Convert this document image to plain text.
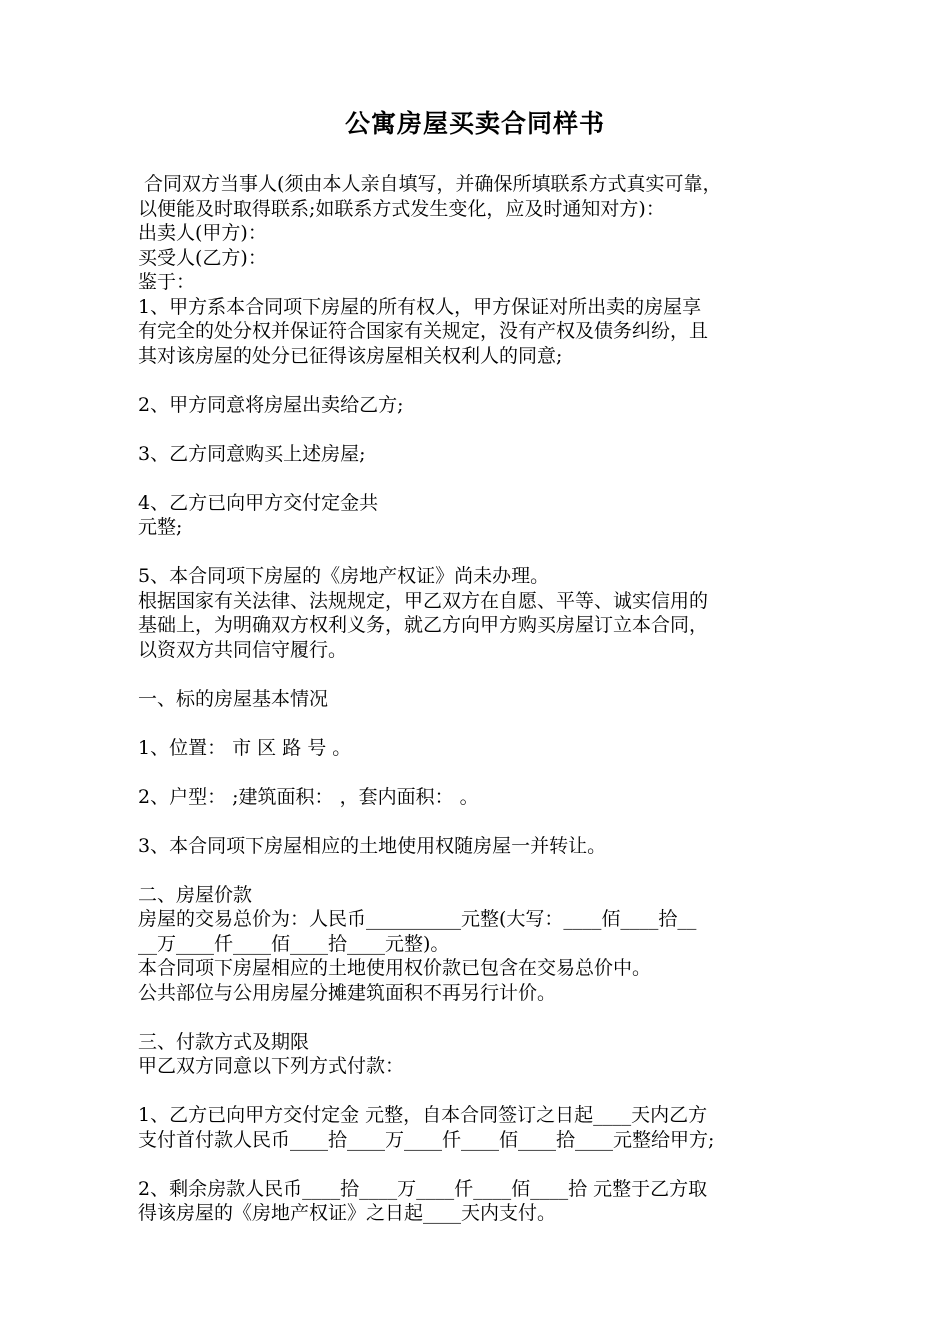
公寓房屋买卖合同样书
合同双方当事人(须由本人亲自填写，并确保所填联系方式真实可靠，
以便能及时取得联系;如联系方式发生变化，应及时通知对方)：
出卖人(甲方)：
买受人(乙方)：
鉴于：
1、甲方系本合同项下房屋的所有权人，甲方保证对所出卖的房屋享
有完全的处分权并保证符合国家有关规定，没有产权及债务纠纷，且
其对该房屋的处分已征得该房屋相关权利人的同意;
2、甲方同意将房屋出卖给乙方;
3、乙方同意购买上述房屋;
4、乙方已向甲方交付定金共
元整;
5、本合同项下房屋的《房地产权证》尚未办理。
根据国家有关法律、法规规定，甲乙双方在自愿、平等、诚实信用的
基础上，为明确双方权利义务，就乙方向甲方购买房屋订立本合同，
以资双方共同信守履行。
一、标的房屋基本情况
1、位置： 市 区 路 号 。
2、户型： ;建筑面积： ，套内面积： 。
3、本合同项下房屋相应的土地使用权随房屋一并转让。
二、房屋价款
房屋的交易总价为：人民币__________元整(大写：____佰____拾__
__万____仟____佰____拾____元整)。
本合同项下房屋相应的土地使用权价款已包含在交易总价中。
公共部位与公用房屋分摊建筑面积不再另行计价。
三、付款方式及期限
甲乙双方同意以下列方式付款：
1、乙方已向甲方交付定金 元整，自本合同签订之日起____天内乙方
支付首付款人民币____拾____万____仟____佰____拾____元整给甲方;
2、剩余房款人民币____拾____万____仟____佰____拾 元整于乙方取
得该房屋的《房地产权证》之日起____天内支付。
